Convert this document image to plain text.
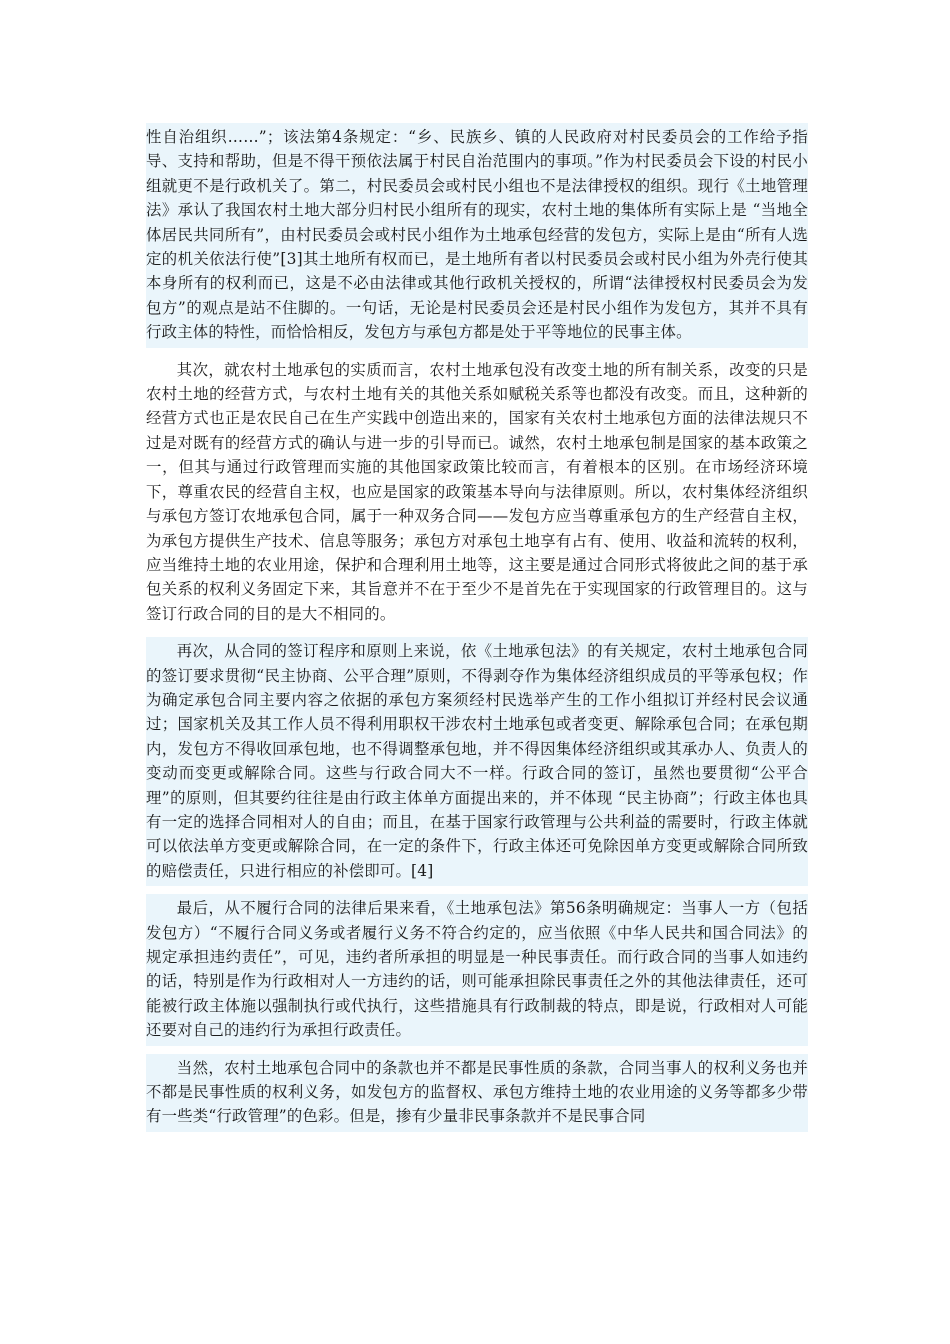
性自治组织……”；该法第4条规定：“乡、民族乡、镇的人民政府对村民委员会的工作给予指导、支持和帮助，但是不得干预依法属于村民自治范围内的事项。”作为村民委员会下设的村民小组就更不是行政机关了。第二，村民委员会或村民小组也不是法律授权的组织。现行《土地管理法》承认了我国农村土地大部分归村民小组所有的现实，农村土地的集体所有实际上是 “当地全体居民共同所有”，由村民委员会或村民小组作为土地承包经营的发包方，实际上是由“所有人选定的机关依法行使”[3]其土地所有权而已，是土地所有者以村民委员会或村民小组为外壳行使其本身所有的权利而已，这是不必由法律或其他行政机关授权的，所谓“法律授权村民委员会为发包方”的观点是站不住脚的。一句话，无论是村民委员会还是村民小组作为发包方，其并不具有行政主体的特性，而恰恰相反，发包方与承包方都是处于平等地位的民事主体。

其次，就农村土地承包的实质而言，农村土地承包没有改变土地的所有制关系，改变的只是农村土地的经营方式，与农村土地有关的其他关系如赋税关系等也都没有改变。而且，这种新的经营方式也正是农民自己在生产实践中创造出来的，国家有关农村土地承包方面的法律法规只不过是对既有的经营方式的确认与进一步的引导而已。诚然，农村土地承包制是国家的基本政策之一，但其与通过行政管理而实施的其他国家政策比较而言，有着根本的区别。在市场经济环境下，尊重农民的经营自主权，也应是国家的政策基本导向与法律原则。所以，农村集体经济组织与承包方签订农地承包合同，属于一种双务合同——发包方应当尊重承包方的生产经营自主权，为承包方提供生产技术、信息等服务；承包方对承包土地享有占有、使用、收益和流转的权利，应当维持土地的农业用途，保护和合理利用土地等，这主要是通过合同形式将彼此之间的基于承包关系的权利义务固定下来，其旨意并不在于至少不是首先在于实现国家的行政管理目的。这与签订行政合同的目的是大不相同的。

再次，从合同的签订程序和原则上来说，依《土地承包法》的有关规定，农村土地承包合同的签订要求贯彻“民主协商、公平合理”原则，不得剥夺作为集体经济组织成员的平等承包权；作为确定承包合同主要内容之依据的承包方案须经村民选举产生的工作小组拟订并经村民会议通过；国家机关及其工作人员不得利用职权干涉农村土地承包或者变更、解除承包合同；在承包期内，发包方不得收回承包地，也不得调整承包地，并不得因集体经济组织或其承办人、负责人的变动而变更或解除合同。这些与行政合同大不一样。行政合同的签订，虽然也要贯彻“公平合理”的原则，但其要约往往是由行政主体单方面提出来的，并不体现 “民主协商”；行政主体也具有一定的选择合同相对人的自由；而且，在基于国家行政管理与公共利益的需要时，行政主体就可以依法单方变更或解除合同，在一定的条件下，行政主体还可免除因单方变更或解除合同所致的赔偿责任，只进行相应的补偿即可。[4]

最后，从不履行合同的法律后果来看，《土地承包法》第56条明确规定：当事人一方（包括发包方）“不履行合同义务或者履行义务不符合约定的，应当依照《中华人民共和国合同法》的规定承担违约责任”，可见，违约者所承担的明显是一种民事责任。而行政合同的当事人如违约的话，特别是作为行政相对人一方违约的话，则可能承担除民事责任之外的其他法律责任，还可能被行政主体施以强制执行或代执行，这些措施具有行政制裁的特点，即是说，行政相对人可能还要对自己的违约行为承担行政责任。

当然，农村土地承包合同中的条款也并不都是民事性质的条款，合同当事人的权利义务也并不都是民事性质的权利义务，如发包方的监督权、承包方维持土地的农业用途的义务等都多少带有一些类“行政管理”的色彩。但是，掺有少量非民事条款并不是民事合同
